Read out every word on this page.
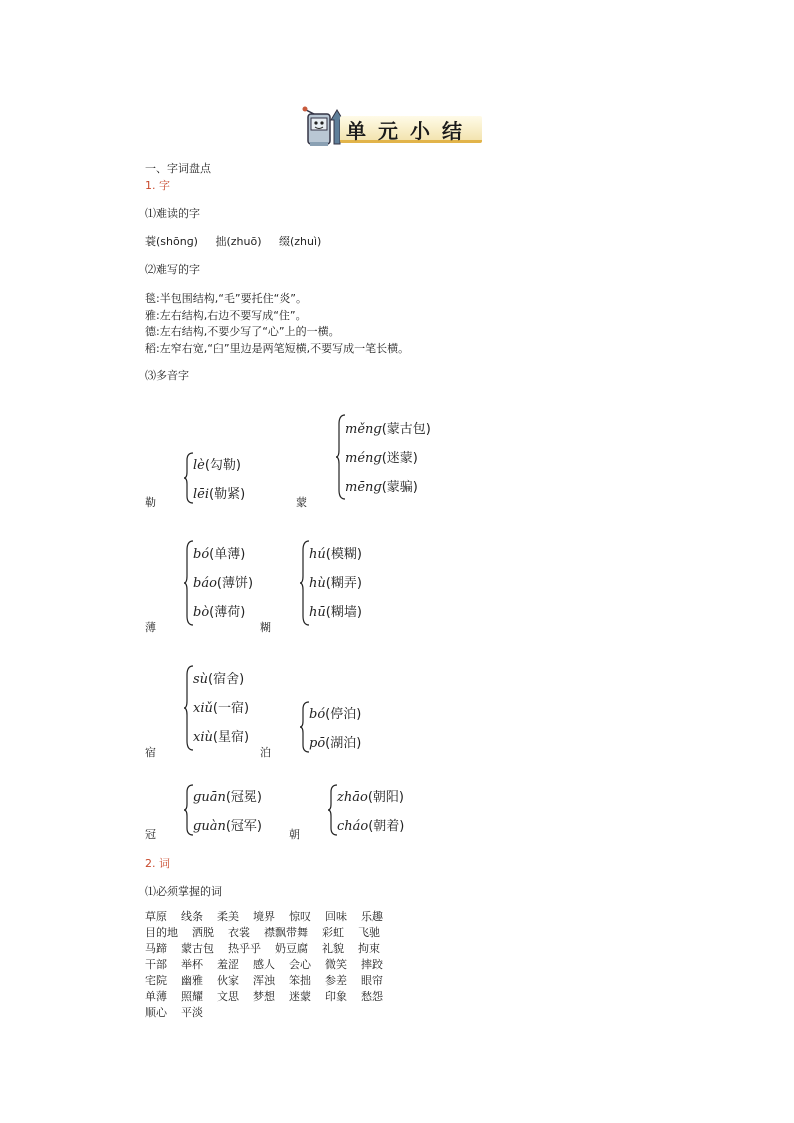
单元小结
一、字词盘点
1. 字
⑴难读的字
蓑(shōnɡ) 拙(zhuō) 缀(zhuì)
⑵难写的字
毯:半包围结构,“毛”要托住“炎”。
雅:左右结构,右边不要写成“住”。
德:左右结构,不要少写了“心”上的一横。
稻:左窄右宽,“臼”里边是两笔短横,不要写成一笔长横。
⑶多音字
勒
lè(勾勒)
lēi(勒紧)
蒙
měnɡ(蒙古包)
ménɡ(迷蒙)
mēnɡ(蒙骗)
薄
bó(单薄)
báo(薄饼)
bò(薄荷)
糊
hú(模糊)
hù(糊弄)
hū(糊墙)
宿
sù(宿舍)
xiǔ(一宿)
xiù(星宿)
泊
bó(停泊)
pō(湖泊)
冠
ɡuān(冠冕)
ɡuàn(冠军)
朝
zhāo(朝阳)
cháo(朝着)
2. 词
⑴必须掌握的词
草原 线条 柔美 境界 惊叹 回味 乐趣
目的地 洒脱 衣裳 襟飘带舞 彩虹 飞驰
马蹄 蒙古包 热乎乎 奶豆腐 礼貌 拘束
干部 举杯 羞涩 感人 会心 微笑 摔跤
宅院 幽雅 伙家 浑浊 笨拙 参差 眼帘
单薄 照耀 文思 梦想 迷蒙 印象 愁怨
顺心 平淡
